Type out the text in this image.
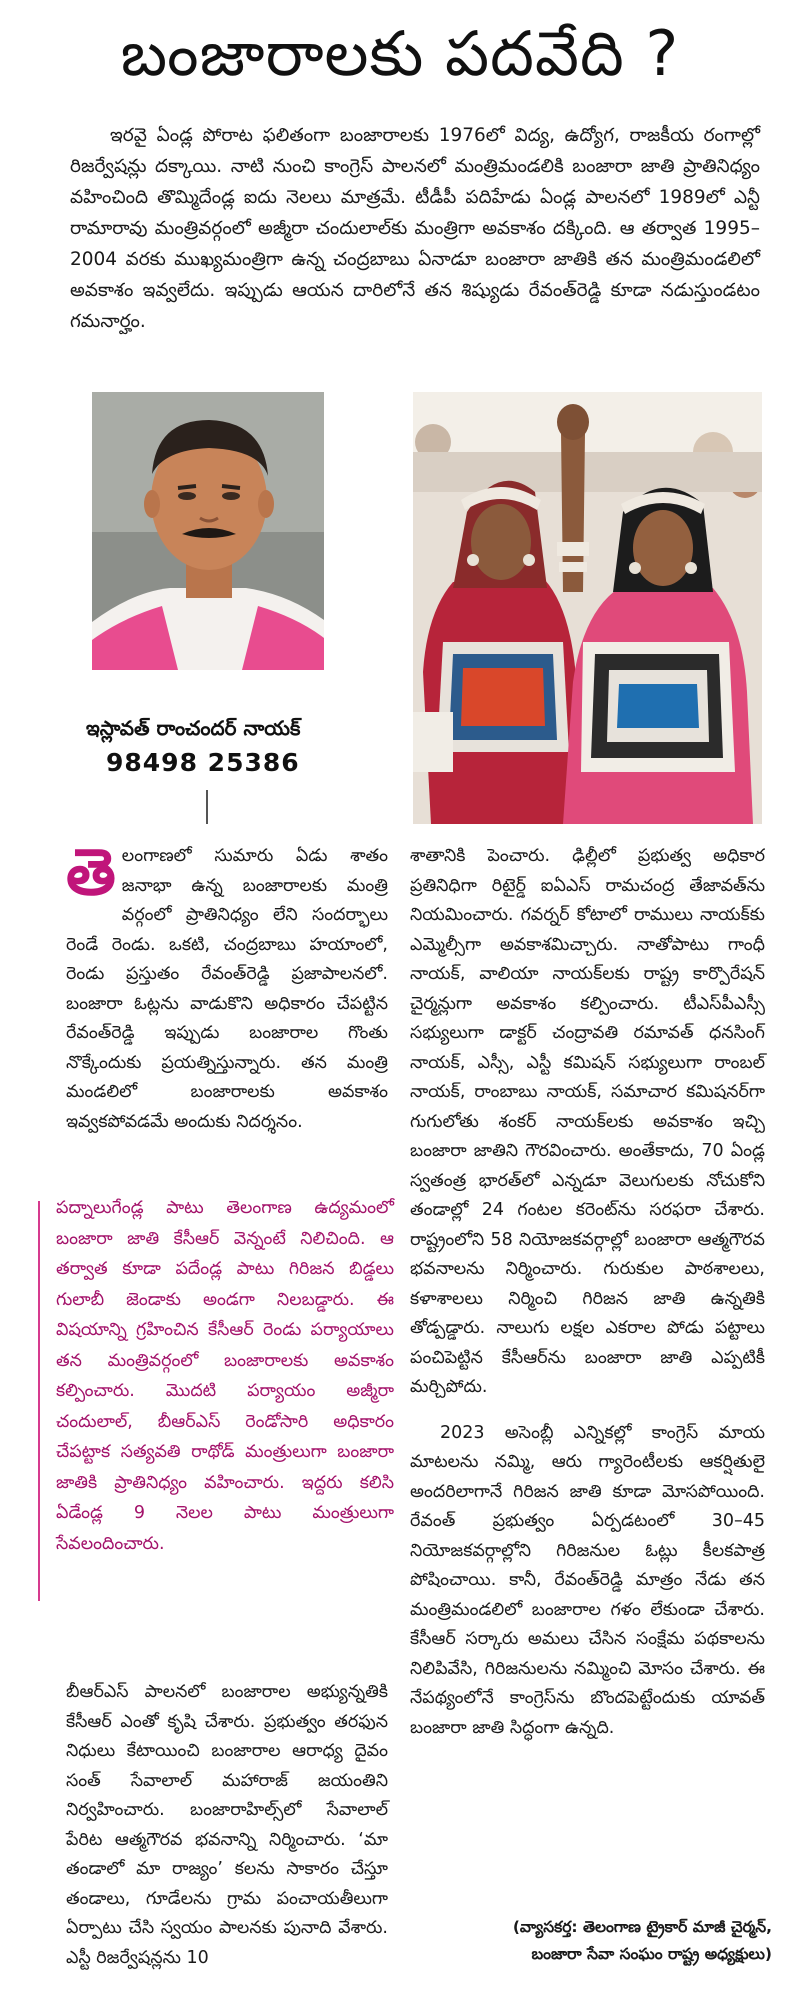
బంజారాలకు పదవేది ?

ఇరవై ఏండ్ల పోరాట ఫలితంగా బంజారాలకు 1976లో విద్య, ఉద్యోగ, రాజకీయ రంగాల్లో రిజర్వేషన్లు దక్కాయి. నాటి నుంచి కాంగ్రెస్ పాలనలో మంత్రిమండలికి బంజారా జాతి ప్రాతినిధ్యం వహించింది తొమ్మిదేండ్ల ఐదు నెలలు మాత్రమే. టీడీపీ పదిహేడు ఏండ్ల పాలనలో 1989లో ఎన్టీ రామారావు మంత్రివర్గంలో అజ్మీరా చందులాల్‌కు మంత్రిగా అవకాశం దక్కింది. ఆ తర్వాత 1995–2004 వరకు ముఖ్యమంత్రిగా ఉన్న చంద్రబాబు ఏనాడూ బంజారా జాతికి తన మంత్రిమండలిలో అవకాశం ఇవ్వలేదు. ఇప్పుడు ఆయన దారిలోనే తన శిష్యుడు రేవంత్‌రెడ్డి కూడా నడుస్తుండటం గమనార్హం.

ఇస్లావత్ రాంచందర్ నాయక్
98498 25386
తెలంగాణలో సుమారు ఏడు శాతం జనాభా ఉన్న బంజారాలకు మంత్రి వర్గంలో ప్రాతినిధ్యం లేని సందర్భాలు రెండే రెండు. ఒకటి, చంద్రబాబు హయాంలో, రెండు ప్రస్తుతం రేవంత్‌రెడ్డి ప్రజాపాలనలో. బంజారా ఓట్లను వాడుకొని అధికారం చేపట్టిన రేవంత్‌రెడ్డి ఇప్పుడు బంజారాల గొంతు నొక్కేందుకు ప్రయత్నిస్తున్నారు. తన మంత్రి మండలిలో బంజారాలకు అవకాశం ఇవ్వకపోవడమే అందుకు నిదర్శనం.

పద్నాలుగేండ్ల పాటు తెలంగాణ ఉద్యమంలో బంజారా జాతి కేసీఆర్ వెన్నంటే నిలిచింది. ఆ తర్వాత కూడా పదేండ్ల పాటు గిరిజన బిడ్డలు గులాబీ జెండాకు అండగా నిలబడ్డారు. ఈ విషయాన్ని గ్రహించిన కేసీఆర్ రెండు పర్యాయాలు తన మంత్రివర్గంలో బంజారాలకు అవకాశం కల్పించారు. మొదటి పర్యాయం అజ్మీరా చందులాల్, బీఆర్‌ఎస్ రెండోసారి అధికారం చేపట్టాక సత్యవతి రాథోడ్ మంత్రులుగా బంజారా జాతికి ప్రాతినిధ్యం వహించారు. ఇద్దరు కలిసి ఏడేండ్ల 9 నెలల పాటు మంత్రులుగా సేవలందించారు.

బీఆర్‌ఎస్ పాలనలో బంజారాల అభ్యున్నతికి కేసీఆర్ ఎంతో కృషి చేశారు. ప్రభుత్వం తరఫున నిధులు కేటాయించి బంజారాల ఆరాధ్య దైవం సంత్ సేవాలాల్ మహారాజ్ జయంతిని నిర్వహించారు. బంజారాహిల్స్‌లో సేవాలాల్ పేరిట ఆత్మగౌరవ భవనాన్ని నిర్మించారు. ‘మా తండాలో మా రాజ్యం’ కలను సాకారం చేస్తూ తండాలు, గూడేలను గ్రామ పంచాయతీలుగా ఏర్పాటు చేసి స్వయం పాలనకు పునాది వేశారు. ఎస్టీ రిజర్వేషన్లను 10

శాతానికి పెంచారు. ఢిల్లీలో ప్రభుత్వ అధికార ప్రతినిధిగా రిటైర్డ్ ఐఏఎస్ రామచంద్ర తేజావత్‌ను నియమించారు. గవర్నర్ కోటాలో రాములు నాయక్‌కు ఎమ్మెల్సీగా అవకాశమిచ్చారు. నాతోపాటు గాంధీ నాయక్, వాలియా నాయక్‌లకు రాష్ట్ర కార్పొరేషన్ చైర్మన్లుగా అవకాశం కల్పించారు. టీఎస్‌పీఎస్సీ సభ్యులుగా డాక్టర్ చంద్రావతి రమావత్ ధనసింగ్ నాయక్, ఎస్సీ, ఎస్టీ కమిషన్ సభ్యులుగా రాంబల్ నాయక్, రాంబాబు నాయక్, సమాచార కమిషనర్‌గా గుగులోతు శంకర్ నాయక్‌లకు అవకాశం ఇచ్చి బంజారా జాతిని గౌరవించారు. అంతేకాదు, 70 ఏండ్ల స్వతంత్ర భారత్‌లో ఎన్నడూ వెలుగులకు నోచుకోని తండాల్లో 24 గంటల కరెంట్‌ను సరఫరా చేశారు. రాష్ట్రంలోని 58 నియోజకవర్గాల్లో బంజారా ఆత్మగౌరవ భవనాలను నిర్మించారు. గురుకుల పాఠశాలలు, కళాశాలలు నిర్మించి గిరిజన జాతి ఉన్నతికి తోడ్పడ్డారు. నాలుగు లక్షల ఎకరాల పోడు పట్టాలు పంచిపెట్టిన కేసీఆర్‌ను బంజారా జాతి ఎప్పటికీ మర్చిపోదు.

2023 అసెంబ్లీ ఎన్నికల్లో కాంగ్రెస్ మాయ మాటలను నమ్మి, ఆరు గ్యారెంటీలకు ఆకర్షితులై అందరిలాగానే గిరిజన జాతి కూడా మోసపోయింది. రేవంత్ ప్రభుత్వం ఏర్పడటంలో 30–45 నియోజకవర్గాల్లోని గిరిజనుల ఓట్లు కీలకపాత్ర పోషించాయి. కానీ, రేవంత్‌రెడ్డి మాత్రం నేడు తన మంత్రిమండలిలో బంజారాల గళం లేకుండా చేశారు. కేసీఆర్ సర్కారు అమలు చేసిన సంక్షేమ పథకాలను నిలిపివేసి, గిరిజనులను నమ్మించి మోసం చేశారు. ఈ నేపథ్యంలోనే కాంగ్రెస్‌ను బొందపెట్టేందుకు యావత్ బంజారా జాతి సిద్ధంగా ఉన్నది.

(వ్యాసకర్త: తెలంగాణ ట్రైకార్ మాజీ చైర్మన్,
బంజారా సేవా సంఘం రాష్ట్ర అధ్యక్షులు)
